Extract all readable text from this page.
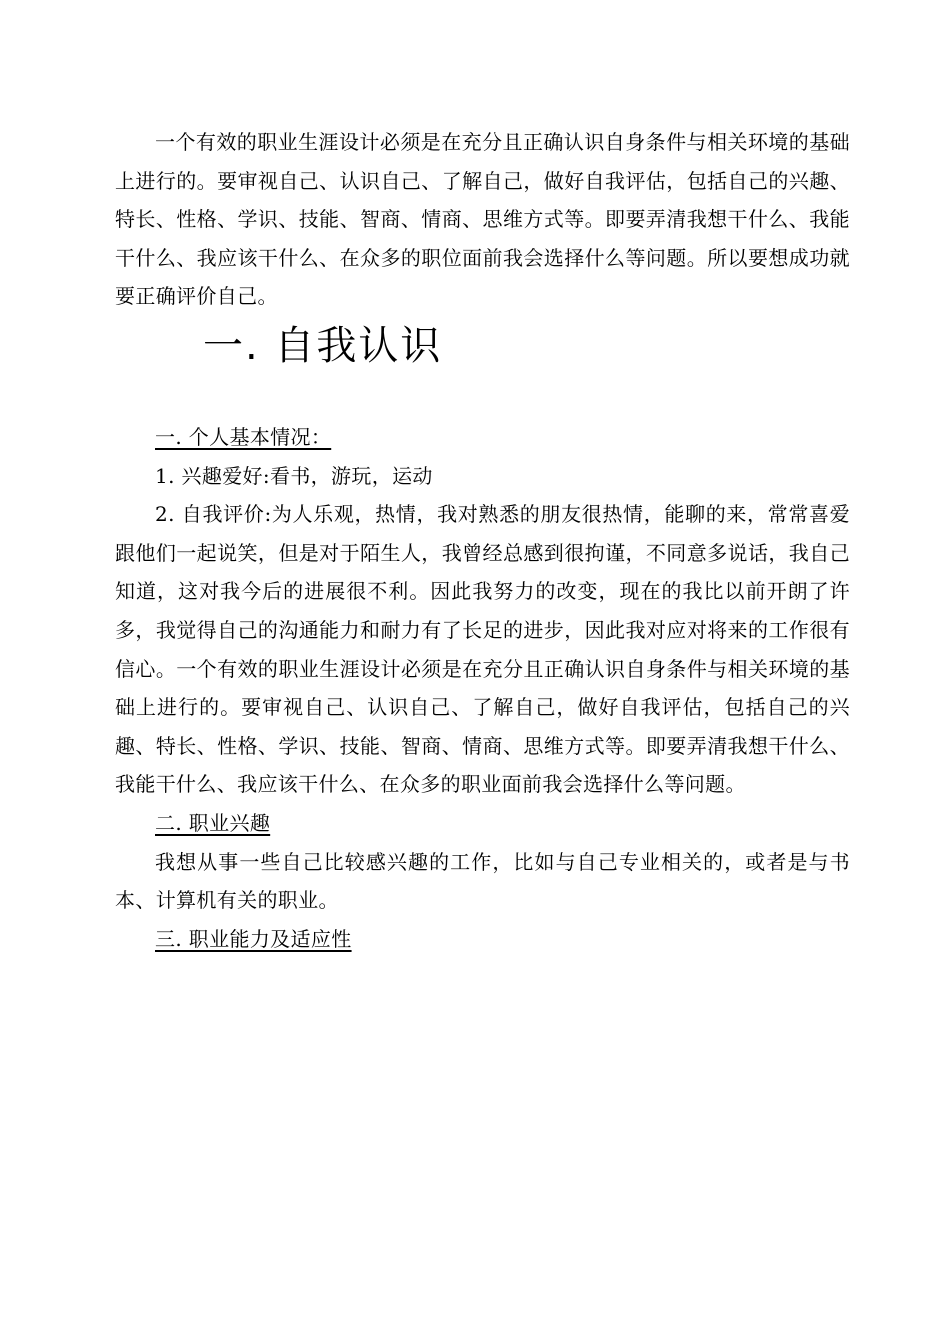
一个有效的职业生涯设计必须是在充分且正确认识自身条件与相关环境的基础上进行的。要审视自己、认识自己、了解自己，做好自我评估，包括自己的兴趣、特长、性格、学识、技能、智商、情商、思维方式等。即要弄清我想干什么、我能干什么、我应该干什么、在众多的职位面前我会选择什么等问题。所以要想成功就要正确评价自己。

一. 自我认识

一. 个人基本情况：

1. 兴趣爱好:看书，游玩，运动

2. 自我评价:为人乐观，热情，我对熟悉的朋友很热情，能聊的来，常常喜爱跟他们一起说笑，但是对于陌生人，我曾经总感到很拘谨，不同意多说话，我自己知道，这对我今后的进展很不利。因此我努力的改变，现在的我比以前开朗了许多，我觉得自己的沟通能力和耐力有了长足的进步，因此我对应对将来的工作很有信心。一个有效的职业生涯设计必须是在充分且正确认识自身条件与相关环境的基础上进行的。要审视自己、认识自己、了解自己，做好自我评估，包括自己的兴趣、特长、性格、学识、技能、智商、情商、思维方式等。即要弄清我想干什么、我能干什么、我应该干什么、在众多的职业面前我会选择什么等问题。

二. 职业兴趣

我想从事一些自己比较感兴趣的工作，比如与自己专业相关的，或者是与书本、计算机有关的职业。

三. 职业能力及适应性
